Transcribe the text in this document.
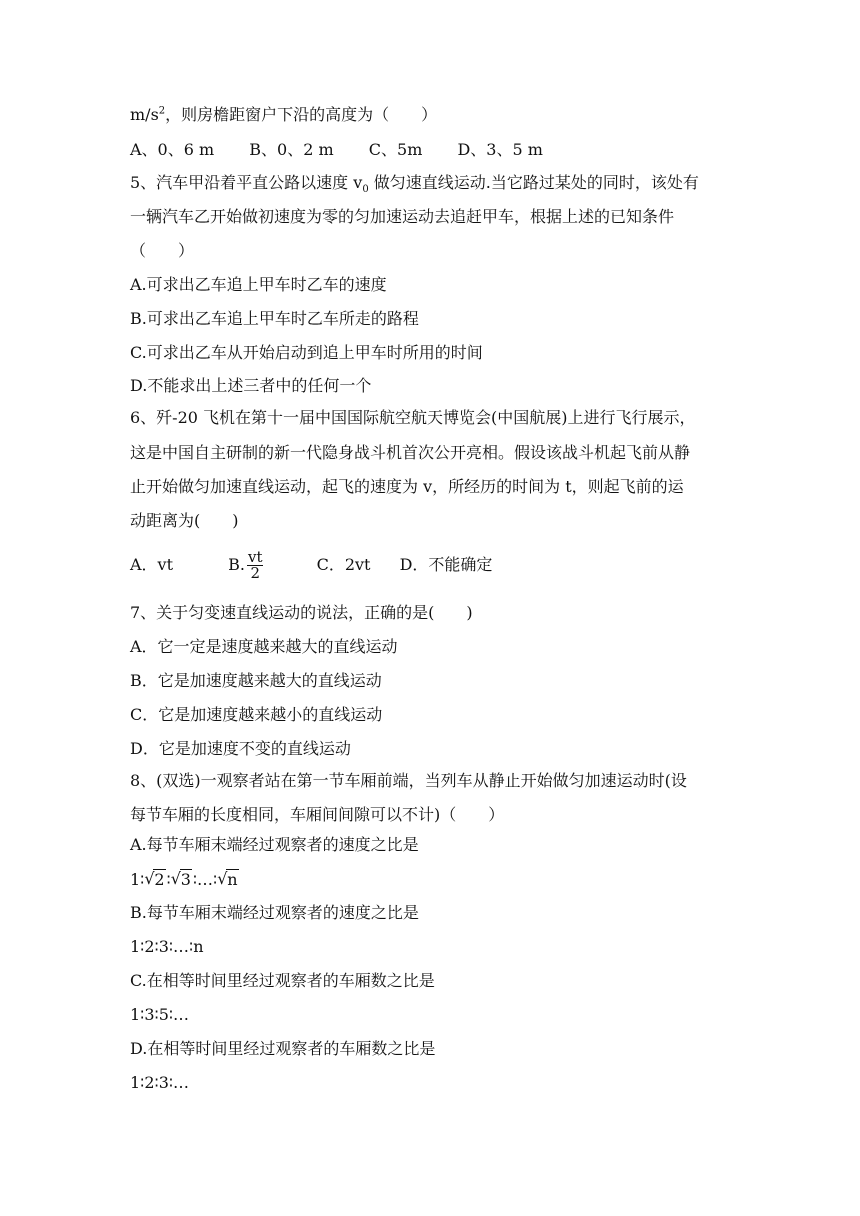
$m/s^2$，则房檐距窗户下沿的高度为（　　）
A、0、6 m B、0、2 m C、5m D、3、5 m
5、汽车甲沿着平直公路以速度 $v_0$ 做匀速直线运动.当它路过某处的同时，该处有
一辆汽车乙开始做初速度为零的匀加速运动去追赶甲车，根据上述的已知条件
（　　）
A.可求出乙车追上甲车时乙车的速度
B.可求出乙车追上甲车时乙车所走的路程
C.可求出乙车从开始启动到追上甲车时所用的时间
D.不能求出上述三者中的任何一个
6、歼-20 飞机在第十一届中国国际航空航天博览会(中国航展)上进行飞行展示，
这是中国自主研制的新一代隐身战斗机首次公开亮相。假设该战斗机起飞前从静
止开始做匀加速直线运动，起飞的速度为 v，所经历的时间为 t，则起飞前的运
动距离为(　　)
A．vt	B. $\frac{vt}{2}$	C．2vt D．不能确定
7、关于匀变速直线运动的说法，正确的是(　　)
A．它一定是速度越来越大的直线运动
B．它是加速度越来越大的直线运动
C．它是加速度越来越小的直线运动
D．它是加速度不变的直线运动
8、(双选)一观察者站在第一节车厢前端，当列车从静止开始做匀加速运动时(设
每节车厢的长度相同，车厢间间隙可以不计)（　　）
A.每节车厢末端经过观察者的速度之比是
1∶ √ 2 ∶ √ 3 ∶…∶ √ n
B.每节车厢末端经过观察者的速度之比是
1∶2∶3∶…∶n
C.在相等时间里经过观察者的车厢数之比是
1∶3∶5∶…
D.在相等时间里经过观察者的车厢数之比是
1∶2∶3∶…
